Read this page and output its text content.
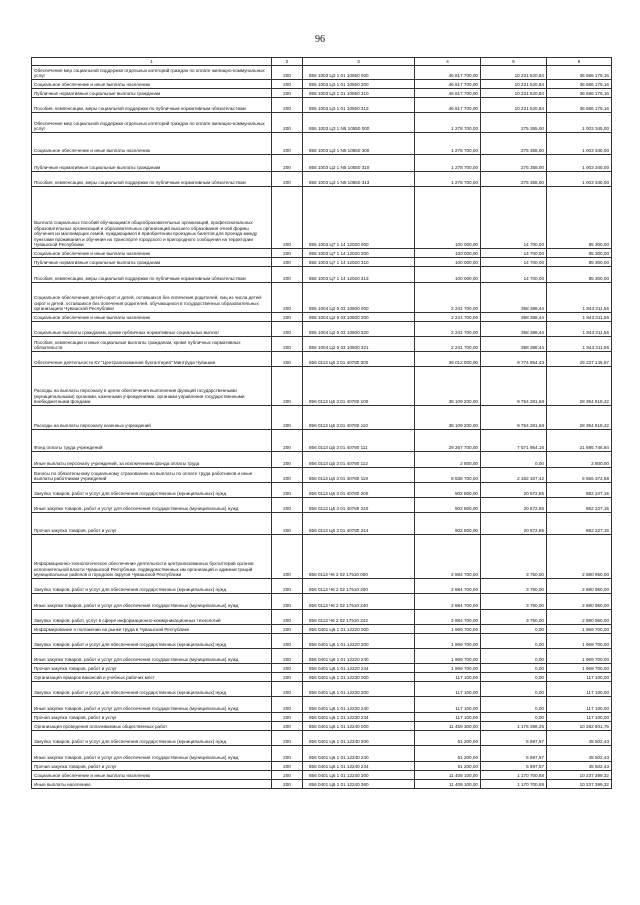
96
1	2	3	4	5	6
Обеспечение мер социальной поддержки отдельных категорий граждан по оплате жилищно-коммунальных услуг	200	855 1003 Ц3 1 01 10550 000	46 817 700,00	10 231 520,84	36 586 179,16
Социальное обеспечение и иные выплаты населению	200	855 1003 Ц3 1 01 10550 300	46 817 700,00	10 231 520,84	36 586 179,16
Публичные нормативные социальные выплаты гражданам	200	855 1003 Ц3 1 01 10550 310	46 817 700,00	10 231 520,84	36 586 179,16
Пособия, компенсации, меры социальной поддержки по публичным нормативным обязательствам	200	855 1003 Ц3 1 01 10550 313	46 817 700,00	10 231 520,84	36 586 179,16
Обеспечение мер социальной поддержки отдельных категорий граждан по оплате жилищно-коммунальных услуг	200	855 1003 Ц3 1 N5 10550 000	1 278 700,00	275 355,00	1 003 345,00
Социальное обеспечение и иные выплаты населению	200	855 1003 Ц3 1 N5 10550 300	1 278 700,00	275 355,00	1 003 345,00
Публичные нормативные социальные выплаты гражданам	200	855 1003 Ц3 1 N5 10550 310	1 278 700,00	275 355,00	1 003 345,00
Пособия, компенсации, меры социальной поддержки по публичным нормативным обязательствам	200	855 1003 Ц3 1 N5 10550 313	1 278 700,00	275 355,00	1 003 345,00
Выплата социальных пособий обучающимся общеобразовательных организаций, профессиональных образовательных организаций и образовательных организаций высшего образования очной формы обучения из малоимущих семей, нуждающимся в приобретении проездных билетов для проезда между пунктами проживания и обучения на транспорте городского и пригородного сообщения на территории Чувашской Республики	200	855 1003 Ц7 1 14 12020 000	100 000,00	14 700,00	85 300,00
Социальное обеспечение и иные выплаты населению	200	855 1003 Ц7 1 14 12020 300	100 000,00	14 700,00	85 300,00
Публичные нормативные социальные выплаты гражданам	200	855 1003 Ц7 1 14 12020 310	100 000,00	14 700,00	85 300,00
Пособия, компенсации, меры социальной поддержки по публичным нормативным обязательствам	200	855 1003 Ц7 1 14 12020 313	100 000,00	14 700,00	85 300,00
Социальное обеспечение детей-сирот и детей, оставшихся без попечения родителей, лиц из числа детей-сирот и детей, оставшихся без попечения родителей, обучающихся в государственных образовательных организациях Чувашской Республики	200	855 1004 Ц2 5 03 10500 000	2 241 700,00	398 388,44	1 843 311,56
Социальное обеспечение и иные выплаты населению	200	855 1004 Ц2 5 03 10500 300	2 241 700,00	398 388,44	1 843 311,56
Социальные выплаты гражданам, кроме публичных нормативных социальных выплат	200	855 1004 Ц2 5 03 10500 320	2 241 700,00	398 388,44	1 843 311,56
Пособия, компенсации и иные социальные выплаты гражданам, кроме публичных нормативных обязательств	200	855 1004 Ц2 5 03 10500 321	2 241 700,00	398 388,44	1 843 311,56
Обеспечение деятельности КУ "Централизованная бухгалтерия" Минтруда Чувашии	200	856 0113 Ц6 3 01 40780 000	39 012 000,00	9 774 854,43	29 237 145,57
Расходы на выплаты персоналу в целях обеспечения выполнения функций государственными (муниципальными) органами, казенными учреждениями, органами управления государственными внебюджетными фондами	200	856 0113 Ц6 3 01 40780 100	38 109 200,00	9 754 281,58	28 354 918,42
Расходы на выплаты персоналу казенных учреждений	200	856 0113 Ц6 3 01 40780 110	38 109 200,00	9 754 281,58	28 354 918,42
Фонд оплаты труда учреждений	200	856 0113 Ц6 3 01 40780 111	29 267 700,00	7 571 954,16	21 695 745,84
Иные выплаты персоналу учреждений, за исключением фонда оплаты труда	200	856 0113 Ц6 3 01 40780 112	2 800,00	0,00	2 800,00
Взносы по обязательному социальному страхованию на выплаты по оплате труда работников и иные выплаты работникам учреждений	200	856 0113 Ц6 3 01 40780 119	8 838 700,00	2 182 327,42	6 656 372,58
Закупка товаров, работ и услуг для обеспечения государственных (муниципальных) нужд	200	856 0113 Ц6 3 01 40780 200	902 800,00	20 572,85	882 227,15
Иные закупки товаров, работ и услуг для обеспечения государственных (муниципальных) нужд	200	856 0113 Ц6 3 01 40780 240	902 800,00	20 572,85	882 227,15
Прочая закупка товаров, работ и услуг	200	856 0113 Ц6 3 01 40780 244	902 800,00	20 572,85	882 227,15
Информационно-технологическое обеспечение деятельности централизованных бухгалтерий органов исполнительной власти Чувашской Республики, подведомственных им организаций и администраций муниципальных районов и городских округов Чувашской Республики	200	856 0113 Ч6 2 02 17510 000	2 884 700,00	3 750,00	2 880 950,00
Закупка товаров, работ и услуг для обеспечения государственных (муниципальных) нужд	200	856 0113 Ч6 2 02 17510 200	2 884 700,00	3 750,00	2 880 950,00
Иные закупки товаров, работ и услуг для обеспечения государственных (муниципальных) нужд	200	856 0113 Ч6 2 02 17510 240	2 884 700,00	3 750,00	2 880 950,00
Закупка товаров, работ, услуг в сфере информационно-коммуникационных технологий	200	856 0113 Ч6 2 02 17510 242	2 884 700,00	3 750,00	2 880 950,00
Информирование о положении на рынке труда в Чувашской Республике	200	856 0401 Ц6 1 01 12220 000	1 969 700,00	0,00	1 969 700,00
Закупка товаров, работ и услуг для обеспечения государственных (муниципальных) нужд	200	856 0401 Ц6 1 01 12220 200	1 969 700,00	0,00	1 969 700,00
Иные закупки товаров, работ и услуг для обеспечения государственных (муниципальных) нужд	200	856 0401 Ц6 1 01 12220 240	1 969 700,00	0,00	1 969 700,00
Прочая закупка товаров, работ и услуг	200	856 0401 Ц6 1 01 12220 244	1 969 700,00	0,00	1 969 700,00
Организация ярмарок вакансий и учебных рабочих мест	200	856 0401 Ц6 1 01 12230 000	117 100,00	0,00	117 100,00
Закупка товаров, работ и услуг для обеспечения государственных (муниципальных) нужд	200	856 0401 Ц6 1 01 12230 200	117 100,00	0,00	117 100,00
Иные закупки товаров, работ и услуг для обеспечения государственных (муниципальных) нужд	200	856 0401 Ц6 1 01 12230 240	117 100,00	0,00	117 100,00
Прочая закупка товаров, работ и услуг	200	856 0401 Ц6 1 01 12230 244	117 100,00	0,00	117 100,00
Организация проведения оплачиваемых общественных работ	200	856 0401 Ц6 1 01 12240 000	11 459 300,00	1 176 398,25	10 282 901,75
Закупка товаров, работ и услуг для обеспечения государственных (муниципальных) нужд	200	856 0401 Ц6 1 01 12240 200	51 200,00	5 697,57	45 502,43
Иные закупки товаров, работ и услуг для обеспечения государственных (муниципальных) нужд	200	856 0401 Ц6 1 01 12240 240	51 200,00	5 697,57	45 502,43
Прочая закупка товаров, работ и услуг	200	856 0401 Ц6 1 01 12240 244	51 200,00	5 697,57	45 502,43
Социальное обеспечение и иные выплаты населению	200	856 0401 Ц6 1 01 12240 300	11 408 100,00	1 170 700,68	10 237 399,32
Иные выплаты населению	200	856 0401 Ц6 1 01 12240 360	11 408 100,00	1 170 700,68	10 237 399,32
